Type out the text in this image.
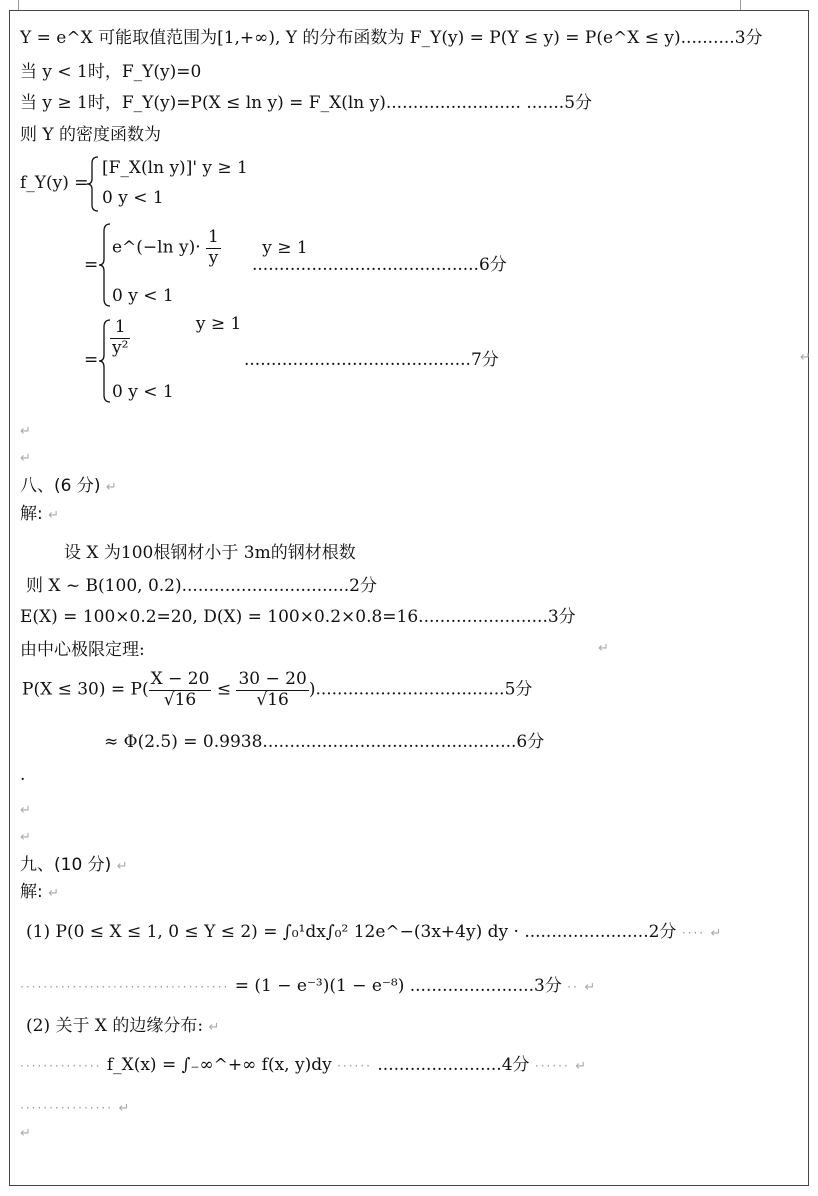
Y = e^X 可能取值范围为[1,+∞), Y 的分布函数为 F_Y(y) = P(Y ≤ y) = P(e^X ≤ y)..........3分
当 y < 1时，F_Y(y)=0
当 y ≥ 1时，F_Y(y)=P(X ≤ ln y) = F_X(ln y)......................... .......5分
则 Y 的密度函数为
f_Y(y) =
[F_X(ln y)]' y ≥ 1
0 y < 1
=
e^(−ln $y)\cdot \frac{1}{y}$ y ≥ 1
..........................................6分
0 y < 1
=
$\frac{1}{\text{y²}}$	y ≥ 1
..........................................7分
0 y < 1
↵
↵
↵
八、(6 分) ↵
解: ↵
设 X 为100根钢材小于 3m的钢材根数
则 X ~ B(100, 0.2)...............................2分
E(X) = 100×0.2=20, D(X) = 100×0.2×0.8=16........................3分
由中心极限定理:	↵
$P(X \le 30) = P( \frac{X - 20}{√16} \le \frac{30 - 20}{√16} )...................................5$分
≈ Φ(2.5) = 0.9938...............................................6分
.
↵
↵
九、(10 分) ↵
解: ↵
(1) P(0 ≤ X ≤ 1, 0 ≤ Y ≤ 2) = ∫₀¹dx∫₀² 12e^−(3x+4y) dy · .......................2分 ···· ↵
···································· = (1 − e⁻³)(1 − e⁻⁸) .......................3分 ·· ↵
(2) 关于 X 的边缘分布: ↵
·············· f_X(x) = ∫₋∞^+∞ f(x, y)dy ······ .......................4分 ······ ↵
················ ↵
↵
